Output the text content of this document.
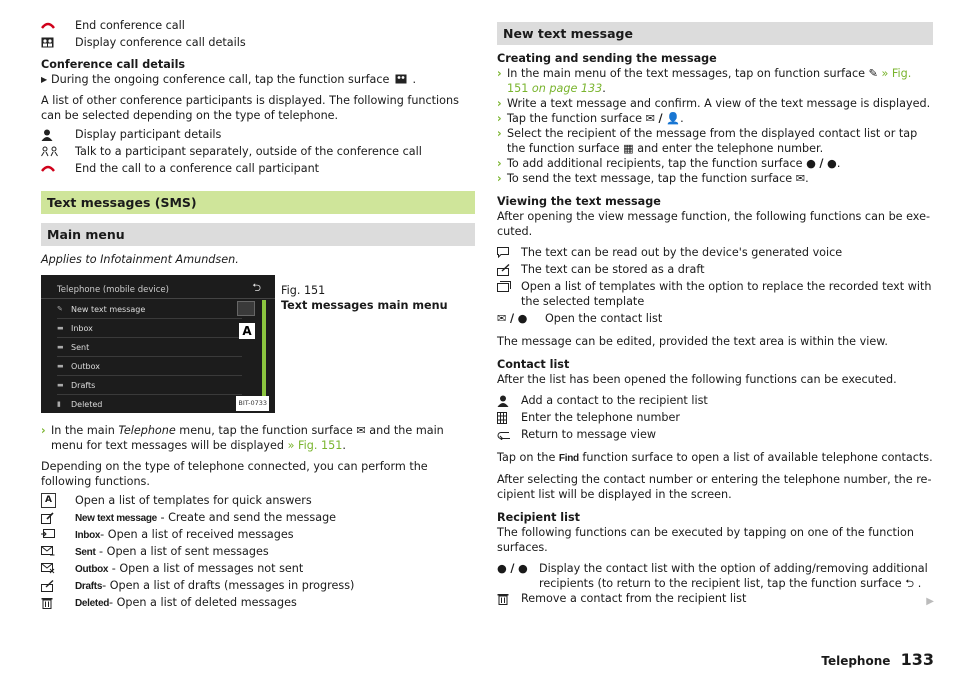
End conference call
Display conference call details
Conference call details
▶ During the ongoing conference call, tap the function surface .
A list of other conference participants is displayed. The following functions can be selected depending on the type of telephone.
Display participant details
Talk to a participant separately, outside of the conference call
End the call to a conference call participant
Text messages (SMS)
Main menu
Applies to Infotainment Amundsen.
Telephone (mobile device)	⮌
✎	New text message
▬ Inbox
▬ Sent
▬ Outbox
▬ Drafts
▮	Deleted
A
BIT-0733
Fig. 151
Text messages main menu
› In the main Telephone menu, tap the function surface ✉ and the main menu for text messages will be displayed » Fig. 151.
Depending on the type of telephone connected, you can perform the following functions.
A	Open a list of templates for quick answers
New text message - Create and send the message
Inbox- Open a list of received messages
Sent - Open a list of sent messages
Outbox - Open a list of messages not sent
Drafts- Open a list of drafts (messages in progress)
Deleted- Open a list of deleted messages
New text message
Creating and sending the message
› In the main menu of the text messages, tap on function surface ✎ » Fig. 151 on page 133.
› Write a text message and confirm. A view of the text message is displayed.
› Tap the function surface ✉ / 👤.
› Select the recipient of the message from the displayed contact list or tap the function surface ▦ and enter the telephone number.
› To add additional recipients, tap the function surface ● / ●.
› To send the text message, tap the function surface ✉.
Viewing the text message
After opening the view message function, the following functions can be exe-cuted.
The text can be read out by the device's generated voice
The text can be stored as a draft
Open a list of templates with the option to replace the recorded text with the selected template
✉ / ●	Open the contact list
The message can be edited, provided the text area is within the view.
Contact list
After the list has been opened the following functions can be executed.
Add a contact to the recipient list
Enter the telephone number
Return to message view
Tap on the Find function surface to open a list of available telephone contacts.
After selecting the contact number or entering the telephone number, the re-cipient list will be displayed in the screen.
Recipient list
The following functions can be executed by tapping on one of the function surfaces.
● / ●	Display the contact list with the option of adding/removing additional recipients (to return to the recipient list, tap the function surface ⮌ .
Remove a contact from the recipient list	▶
Telephone 133
